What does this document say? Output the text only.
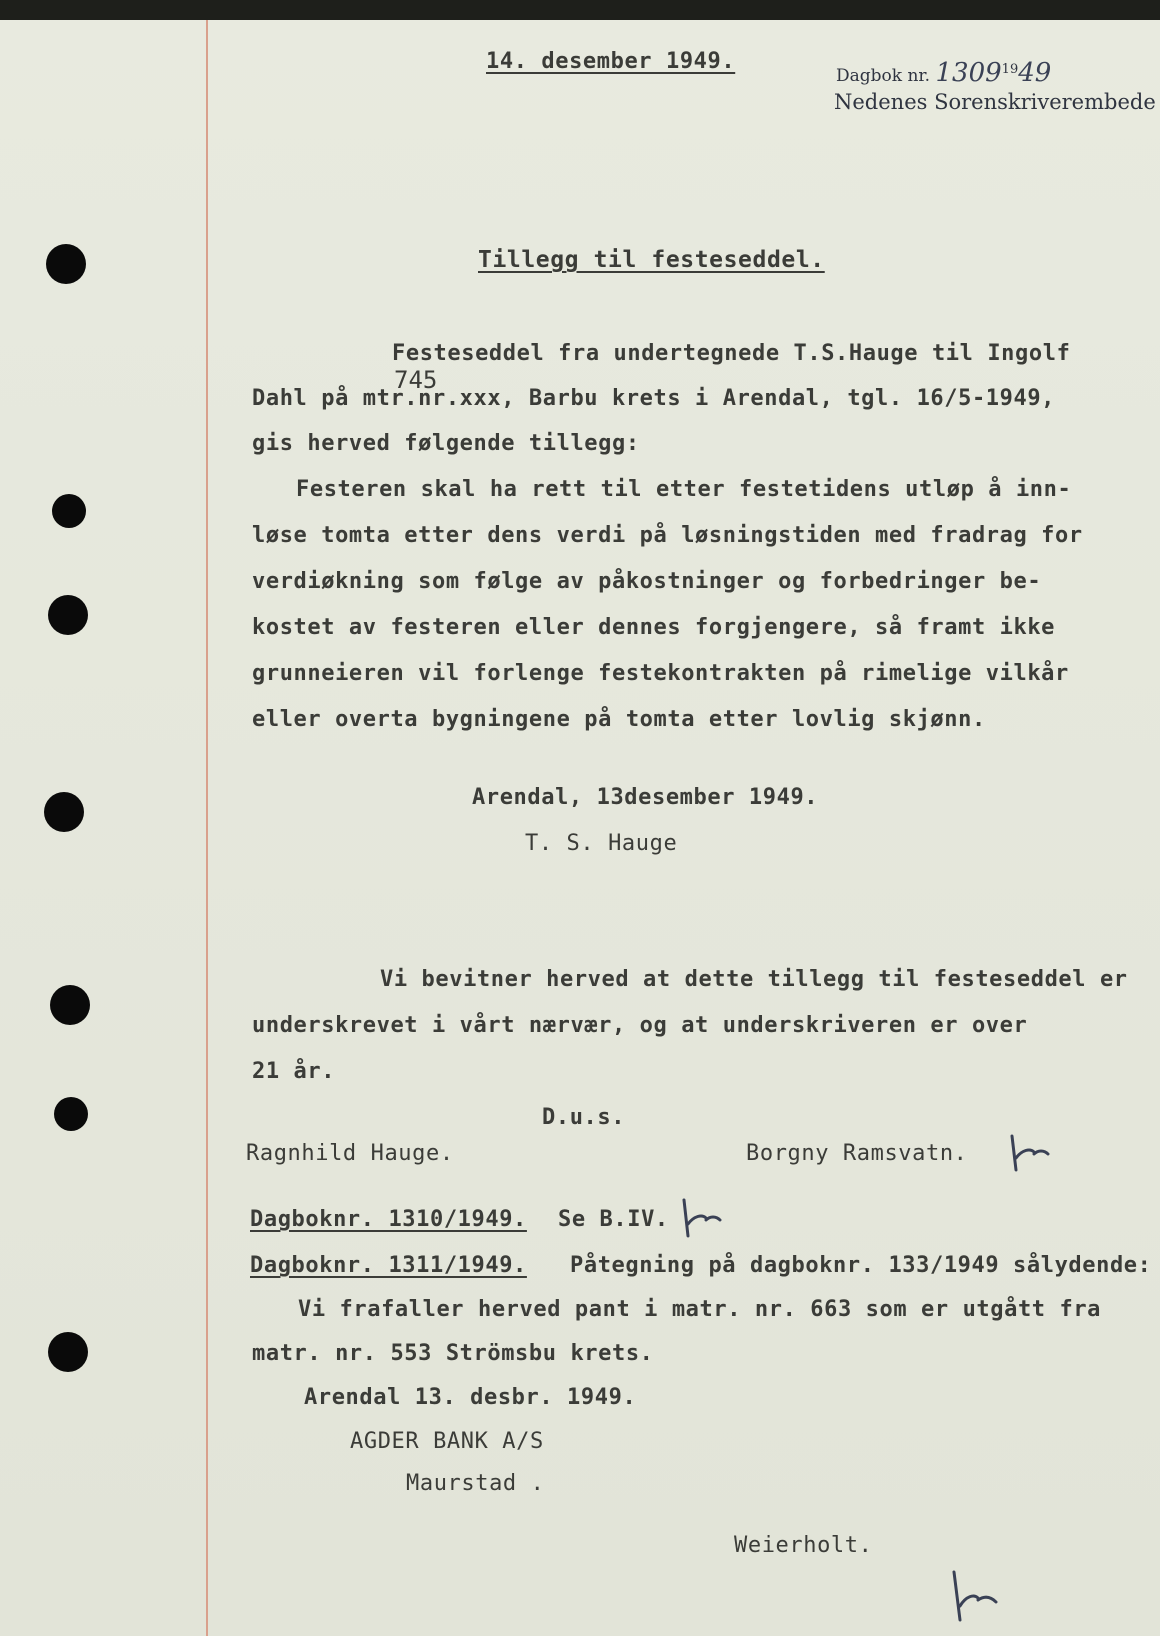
14. desember 1949.
Dagbok nr. 1309$^{19}$49
Nedenes Sorenskriverembede
Tillegg til festeseddel.
Festeseddel fra undertegnede T.S.Hauge til Ingolf
745
Dahl på mtr.nr.xxx, Barbu krets i Arendal, tgl. 16/5-1949,
gis herved følgende tillegg:
Festeren skal ha rett til etter festetidens utløp å inn-
løse tomta etter dens verdi på løsningstiden med fradrag for
verdiøkning som følge av påkostninger og forbedringer be-
kostet av festeren eller dennes forgjengere, så framt ikke
grunneieren vil forlenge festekontrakten på rimelige vilkår
eller overta bygningene på tomta etter lovlig skjønn.
Arendal, 13desember 1949.
T. S. Hauge
Vi bevitner herved at dette tillegg til festeseddel er
underskrevet i vårt nærvær, og at underskriveren er over
21 år.
D.u.s.
Ragnhild Hauge.	Borgny Ramsvatn.
Dagboknr. 1310/1949. Se B.IV.
Dagboknr. 1311/1949. Påtegning på dagboknr. 133/1949 sålydende:
Vi frafaller herved pant i matr. nr. 663 som er utgått fra
matr. nr. 553 Strömsbu krets.
Arendal 13. desbr. 1949.
AGDER BANK A/S
Maurstad .
Weierholt.
